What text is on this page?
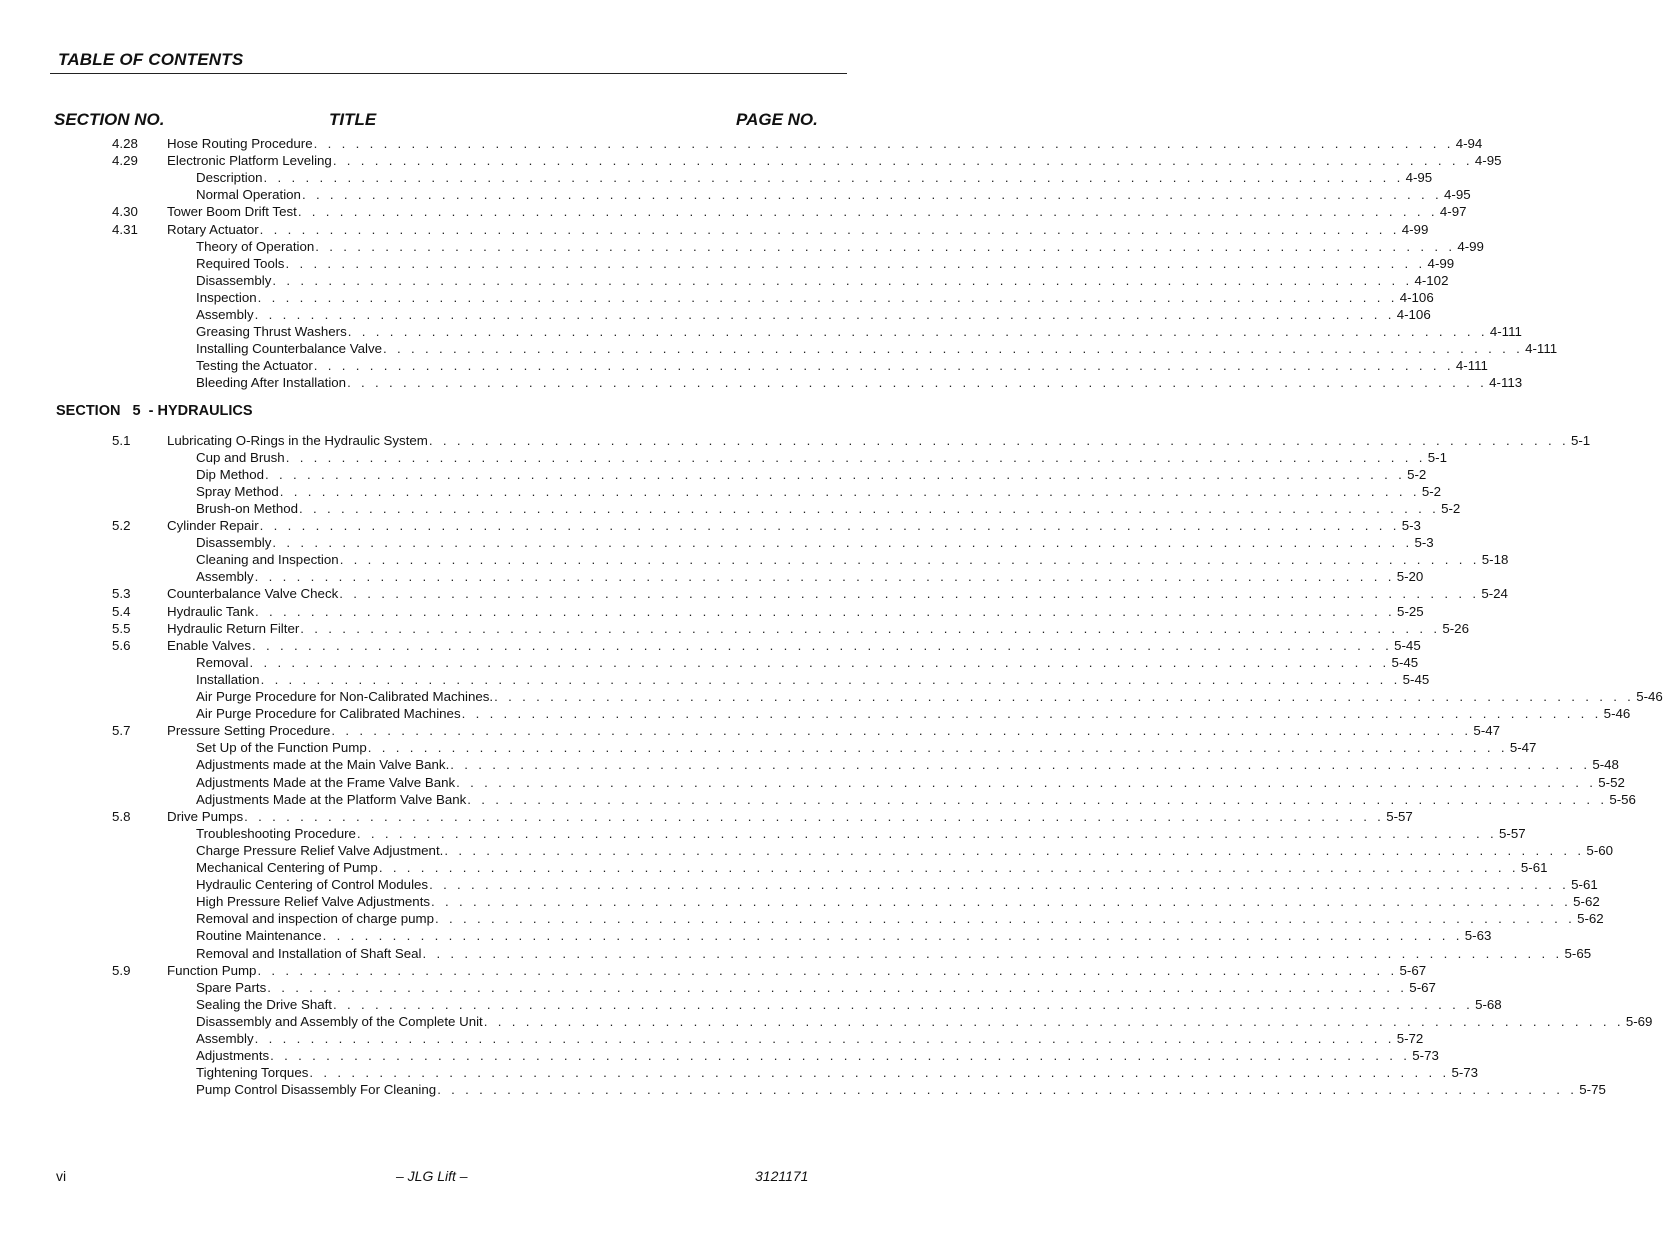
TABLE OF CONTENTS
SECTION NO.	TITLE	PAGE NO.
4.28 Hose Routing Procedure . . . . . . . . . . . . . . . . . . . . . . . . . . . . . . . . . . . . . . . . . . . . . . . . . . . . . . . . . . . . . . . . . . . . . . . . . . . . . . . . . . 4-94
4.29 Electronic Platform Leveling . . . . . . . . . . . . . . . . . . . . . . . . . . . . . . . . . . . . . . . . . . . . . . . . . . . . . . . . . . . . . . . . . . . . . . . . . . . . . . . . . . 4-95
Description . . . . . . . . . . . . . . . . . . . . . . . . . . . . . . . . . . . . . . . . . . . . . . . . . . . . . . . . . . . . . . . . . . . . . . . . . . . . . . . . . . 4-95
Normal Operation . . . . . . . . . . . . . . . . . . . . . . . . . . . . . . . . . . . . . . . . . . . . . . . . . . . . . . . . . . . . . . . . . . . . . . . . . . . . . . . . . . 4-95
4.30 Tower Boom Drift Test . . . . . . . . . . . . . . . . . . . . . . . . . . . . . . . . . . . . . . . . . . . . . . . . . . . . . . . . . . . . . . . . . . . . . . . . . . . . . . . . . . 4-97
4.31 Rotary Actuator . . . . . . . . . . . . . . . . . . . . . . . . . . . . . . . . . . . . . . . . . . . . . . . . . . . . . . . . . . . . . . . . . . . . . . . . . . . . . . . . . . 4-99
Theory of Operation . . . . . . . . . . . . . . . . . . . . . . . . . . . . . . . . . . . . . . . . . . . . . . . . . . . . . . . . . . . . . . . . . . . . . . . . . . . . . . . . . . 4-99
Required Tools . . . . . . . . . . . . . . . . . . . . . . . . . . . . . . . . . . . . . . . . . . . . . . . . . . . . . . . . . . . . . . . . . . . . . . . . . . . . . . . . . . 4-99
Disassembly . . . . . . . . . . . . . . . . . . . . . . . . . . . . . . . . . . . . . . . . . . . . . . . . . . . . . . . . . . . . . . . . . . . . . . . . . . . . . . . . . . 4-102
Inspection . . . . . . . . . . . . . . . . . . . . . . . . . . . . . . . . . . . . . . . . . . . . . . . . . . . . . . . . . . . . . . . . . . . . . . . . . . . . . . . . . . 4-106
Assembly . . . . . . . . . . . . . . . . . . . . . . . . . . . . . . . . . . . . . . . . . . . . . . . . . . . . . . . . . . . . . . . . . . . . . . . . . . . . . . . . . . 4-106
Greasing Thrust Washers . . . . . . . . . . . . . . . . . . . . . . . . . . . . . . . . . . . . . . . . . . . . . . . . . . . . . . . . . . . . . . . . . . . . . . . . . . . . . . . . . . 4-111
Installing Counterbalance Valve . . . . . . . . . . . . . . . . . . . . . . . . . . . . . . . . . . . . . . . . . . . . . . . . . . . . . . . . . . . . . . . . . . . . . . . . . . . . . . . . . . 4-111
Testing the Actuator . . . . . . . . . . . . . . . . . . . . . . . . . . . . . . . . . . . . . . . . . . . . . . . . . . . . . . . . . . . . . . . . . . . . . . . . . . . . . . . . . . 4-111
Bleeding After Installation . . . . . . . . . . . . . . . . . . . . . . . . . . . . . . . . . . . . . . . . . . . . . . . . . . . . . . . . . . . . . . . . . . . . . . . . . . . . . . . . . . 4-113
SECTION   5  - HYDRAULICS
5.1	Lubricating O-Rings in the Hydraulic System . . . . . . . . . . . . . . . . . . . . . . . . . . . . . . . . . . . . . . . . . . . . . . . . . . . . . . . . . . . . . . . . . . . . . . . . . . . . . . . . . . 5-1
Cup and Brush . . . . . . . . . . . . . . . . . . . . . . . . . . . . . . . . . . . . . . . . . . . . . . . . . . . . . . . . . . . . . . . . . . . . . . . . . . . . . . . . . . 5-1
Dip Method . . . . . . . . . . . . . . . . . . . . . . . . . . . . . . . . . . . . . . . . . . . . . . . . . . . . . . . . . . . . . . . . . . . . . . . . . . . . . . . . . . 5-2
Spray Method . . . . . . . . . . . . . . . . . . . . . . . . . . . . . . . . . . . . . . . . . . . . . . . . . . . . . . . . . . . . . . . . . . . . . . . . . . . . . . . . . . 5-2
Brush-on Method . . . . . . . . . . . . . . . . . . . . . . . . . . . . . . . . . . . . . . . . . . . . . . . . . . . . . . . . . . . . . . . . . . . . . . . . . . . . . . . . . . 5-2
5.2	Cylinder Repair . . . . . . . . . . . . . . . . . . . . . . . . . . . . . . . . . . . . . . . . . . . . . . . . . . . . . . . . . . . . . . . . . . . . . . . . . . . . . . . . . . 5-3
Disassembly . . . . . . . . . . . . . . . . . . . . . . . . . . . . . . . . . . . . . . . . . . . . . . . . . . . . . . . . . . . . . . . . . . . . . . . . . . . . . . . . . . 5-3
Cleaning and Inspection . . . . . . . . . . . . . . . . . . . . . . . . . . . . . . . . . . . . . . . . . . . . . . . . . . . . . . . . . . . . . . . . . . . . . . . . . . . . . . . . . . 5-18
Assembly . . . . . . . . . . . . . . . . . . . . . . . . . . . . . . . . . . . . . . . . . . . . . . . . . . . . . . . . . . . . . . . . . . . . . . . . . . . . . . . . . . 5-20
5.3	Counterbalance Valve Check . . . . . . . . . . . . . . . . . . . . . . . . . . . . . . . . . . . . . . . . . . . . . . . . . . . . . . . . . . . . . . . . . . . . . . . . . . . . . . . . . . 5-24
5.4	Hydraulic Tank . . . . . . . . . . . . . . . . . . . . . . . . . . . . . . . . . . . . . . . . . . . . . . . . . . . . . . . . . . . . . . . . . . . . . . . . . . . . . . . . . . 5-25
5.5	Hydraulic Return Filter . . . . . . . . . . . . . . . . . . . . . . . . . . . . . . . . . . . . . . . . . . . . . . . . . . . . . . . . . . . . . . . . . . . . . . . . . . . . . . . . . . 5-26
5.6	Enable Valves . . . . . . . . . . . . . . . . . . . . . . . . . . . . . . . . . . . . . . . . . . . . . . . . . . . . . . . . . . . . . . . . . . . . . . . . . . . . . . . . . . 5-45
Removal . . . . . . . . . . . . . . . . . . . . . . . . . . . . . . . . . . . . . . . . . . . . . . . . . . . . . . . . . . . . . . . . . . . . . . . . . . . . . . . . . . 5-45
Installation . . . . . . . . . . . . . . . . . . . . . . . . . . . . . . . . . . . . . . . . . . . . . . . . . . . . . . . . . . . . . . . . . . . . . . . . . . . . . . . . . . 5-45
Air Purge Procedure for Non-Calibrated Machines. . . . . . . . . . . . . . . . . . . . . . . . . . . . . . . . . . . . . . . . . . . . . . . . . . . . . . . . . . . . . . . . . . . . . . . . . . . . . . . . . . . 5-46
Air Purge Procedure for Calibrated Machines . . . . . . . . . . . . . . . . . . . . . . . . . . . . . . . . . . . . . . . . . . . . . . . . . . . . . . . . . . . . . . . . . . . . . . . . . . . . . . . . . . 5-46
5.7	Pressure Setting Procedure . . . . . . . . . . . . . . . . . . . . . . . . . . . . . . . . . . . . . . . . . . . . . . . . . . . . . . . . . . . . . . . . . . . . . . . . . . . . . . . . . . 5-47
Set Up of the Function Pump . . . . . . . . . . . . . . . . . . . . . . . . . . . . . . . . . . . . . . . . . . . . . . . . . . . . . . . . . . . . . . . . . . . . . . . . . . . . . . . . . . 5-47
Adjustments made at the Main Valve Bank. . . . . . . . . . . . . . . . . . . . . . . . . . . . . . . . . . . . . . . . . . . . . . . . . . . . . . . . . . . . . . . . . . . . . . . . . . . . . . . . . . . 5-48
Adjustments Made at the Frame Valve Bank . . . . . . . . . . . . . . . . . . . . . . . . . . . . . . . . . . . . . . . . . . . . . . . . . . . . . . . . . . . . . . . . . . . . . . . . . . . . . . . . . . 5-52
Adjustments Made at the Platform Valve Bank . . . . . . . . . . . . . . . . . . . . . . . . . . . . . . . . . . . . . . . . . . . . . . . . . . . . . . . . . . . . . . . . . . . . . . . . . . . . . . . . . . 5-56
5.8	Drive Pumps . . . . . . . . . . . . . . . . . . . . . . . . . . . . . . . . . . . . . . . . . . . . . . . . . . . . . . . . . . . . . . . . . . . . . . . . . . . . . . . . . . 5-57
Troubleshooting Procedure . . . . . . . . . . . . . . . . . . . . . . . . . . . . . . . . . . . . . . . . . . . . . . . . . . . . . . . . . . . . . . . . . . . . . . . . . . . . . . . . . . 5-57
Charge Pressure Relief Valve Adjustment. . . . . . . . . . . . . . . . . . . . . . . . . . . . . . . . . . . . . . . . . . . . . . . . . . . . . . . . . . . . . . . . . . . . . . . . . . . . . . . . . . . 5-60
Mechanical Centering of Pump . . . . . . . . . . . . . . . . . . . . . . . . . . . . . . . . . . . . . . . . . . . . . . . . . . . . . . . . . . . . . . . . . . . . . . . . . . . . . . . . . . 5-61
Hydraulic Centering of Control Modules . . . . . . . . . . . . . . . . . . . . . . . . . . . . . . . . . . . . . . . . . . . . . . . . . . . . . . . . . . . . . . . . . . . . . . . . . . . . . . . . . . 5-61
High Pressure Relief Valve Adjustments . . . . . . . . . . . . . . . . . . . . . . . . . . . . . . . . . . . . . . . . . . . . . . . . . . . . . . . . . . . . . . . . . . . . . . . . . . . . . . . . . . 5-62
Removal and inspection of charge pump . . . . . . . . . . . . . . . . . . . . . . . . . . . . . . . . . . . . . . . . . . . . . . . . . . . . . . . . . . . . . . . . . . . . . . . . . . . . . . . . . . 5-62
Routine Maintenance . . . . . . . . . . . . . . . . . . . . . . . . . . . . . . . . . . . . . . . . . . . . . . . . . . . . . . . . . . . . . . . . . . . . . . . . . . . . . . . . . . 5-63
Removal and Installation of Shaft Seal . . . . . . . . . . . . . . . . . . . . . . . . . . . . . . . . . . . . . . . . . . . . . . . . . . . . . . . . . . . . . . . . . . . . . . . . . . . . . . . . . . 5-65
5.9	Function Pump . . . . . . . . . . . . . . . . . . . . . . . . . . . . . . . . . . . . . . . . . . . . . . . . . . . . . . . . . . . . . . . . . . . . . . . . . . . . . . . . . . 5-67
Spare Parts . . . . . . . . . . . . . . . . . . . . . . . . . . . . . . . . . . . . . . . . . . . . . . . . . . . . . . . . . . . . . . . . . . . . . . . . . . . . . . . . . . 5-67
Sealing the Drive Shaft . . . . . . . . . . . . . . . . . . . . . . . . . . . . . . . . . . . . . . . . . . . . . . . . . . . . . . . . . . . . . . . . . . . . . . . . . . . . . . . . . . 5-68
Disassembly and Assembly of the Complete Unit . . . . . . . . . . . . . . . . . . . . . . . . . . . . . . . . . . . . . . . . . . . . . . . . . . . . . . . . . . . . . . . . . . . . . . . . . . . . . . . . . . 5-69
Assembly . . . . . . . . . . . . . . . . . . . . . . . . . . . . . . . . . . . . . . . . . . . . . . . . . . . . . . . . . . . . . . . . . . . . . . . . . . . . . . . . . . 5-72
Adjustments . . . . . . . . . . . . . . . . . . . . . . . . . . . . . . . . . . . . . . . . . . . . . . . . . . . . . . . . . . . . . . . . . . . . . . . . . . . . . . . . . . 5-73
Tightening Torques . . . . . . . . . . . . . . . . . . . . . . . . . . . . . . . . . . . . . . . . . . . . . . . . . . . . . . . . . . . . . . . . . . . . . . . . . . . . . . . . . . 5-73
Pump Control Disassembly For Cleaning . . . . . . . . . . . . . . . . . . . . . . . . . . . . . . . . . . . . . . . . . . . . . . . . . . . . . . . . . . . . . . . . . . . . . . . . . . . . . . . . . . 5-75
vi	– JLG Lift –	3121171
